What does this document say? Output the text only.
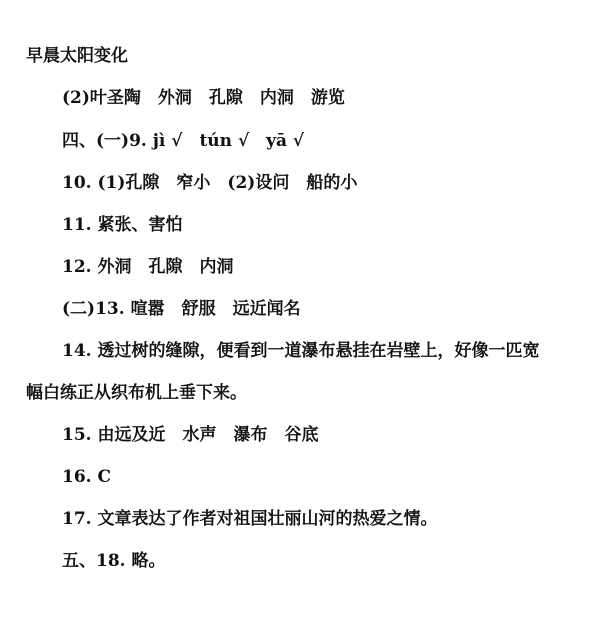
早晨太阳变化
(2)叶圣陶　外洞　孔隙　内洞　游览
四、(一)9. jì √　tún √　yā √
10. (1)孔隙　窄小　(2)设问　船的小
11. 紧张、害怕
12. 外洞　孔隙　内洞
(二)13. 喧嚣　舒服　远近闻名
14. 透过树的缝隙，便看到一道瀑布悬挂在岩壁上，好像一匹宽
幅白练正从织布机上垂下来。
15. 由远及近　水声　瀑布　谷底
16. C
17. 文章表达了作者对祖国壮丽山河的热爱之情。
五、18. 略。
